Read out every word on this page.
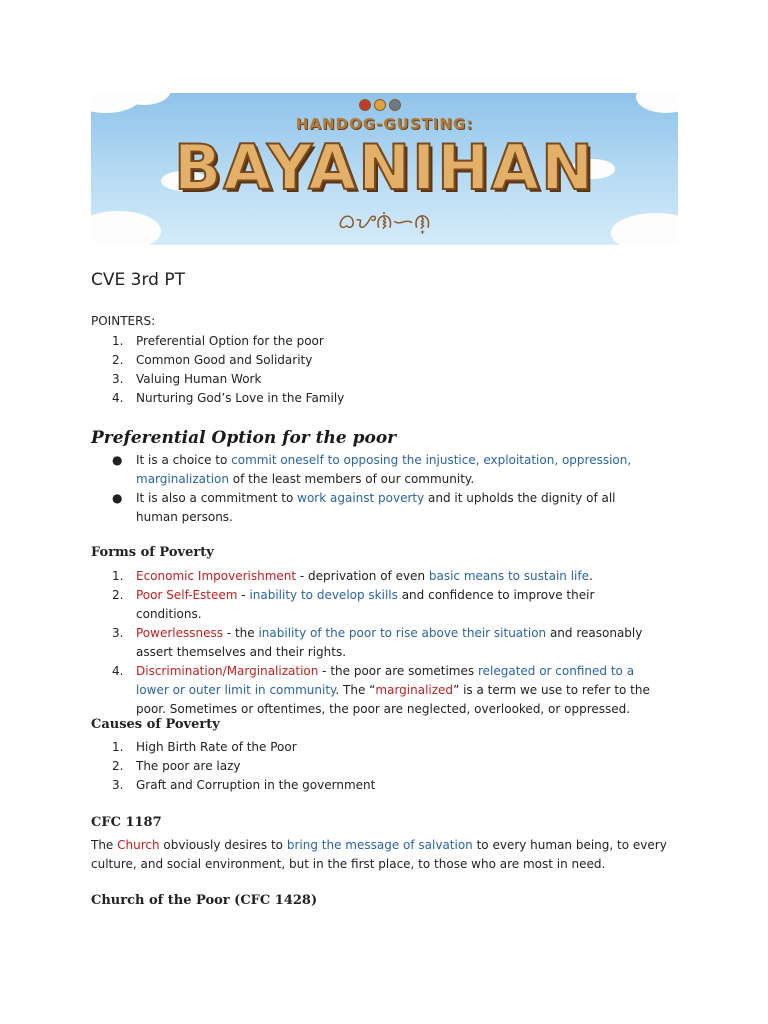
HANDOG-GUSTING:
BAYANIHAN
ᜊᜌᜈᜒᜑᜈ᜔
CVE 3rd PT
POINTERS:
1. Preferential Option for the poor
2. Common Good and Solidarity
3. Valuing Human Work
4. Nurturing God’s Love in the Family
Preferential Option for the poor
● It is a choice to commit oneself to opposing the injustice, exploitation, oppression, marginalization of the least members of our community.
● It is also a commitment to work against poverty and it upholds the dignity of all human persons.
Forms of Poverty
1. Economic Impoverishment - deprivation of even basic means to sustain life.
2. Poor Self-Esteem - inability to develop skills and confidence to improve their conditions.
3. Powerlessness - the inability of the poor to rise above their situation and reasonably assert themselves and their rights.
4. Discrimination/Marginalization - the poor are sometimes relegated or confined to a lower or outer limit in community. The “marginalized” is a term we use to refer to the poor. Sometimes or oftentimes, the poor are neglected, overlooked, or oppressed.
Causes of Poverty
1. High Birth Rate of the Poor
2. The poor are lazy
3. Graft and Corruption in the government
CFC 1187

The Church obviously desires to bring the message of salvation to every human being, to every culture, and social environment, but in the first place, to those who are most in need.

Church of the Poor (CFC 1428)
